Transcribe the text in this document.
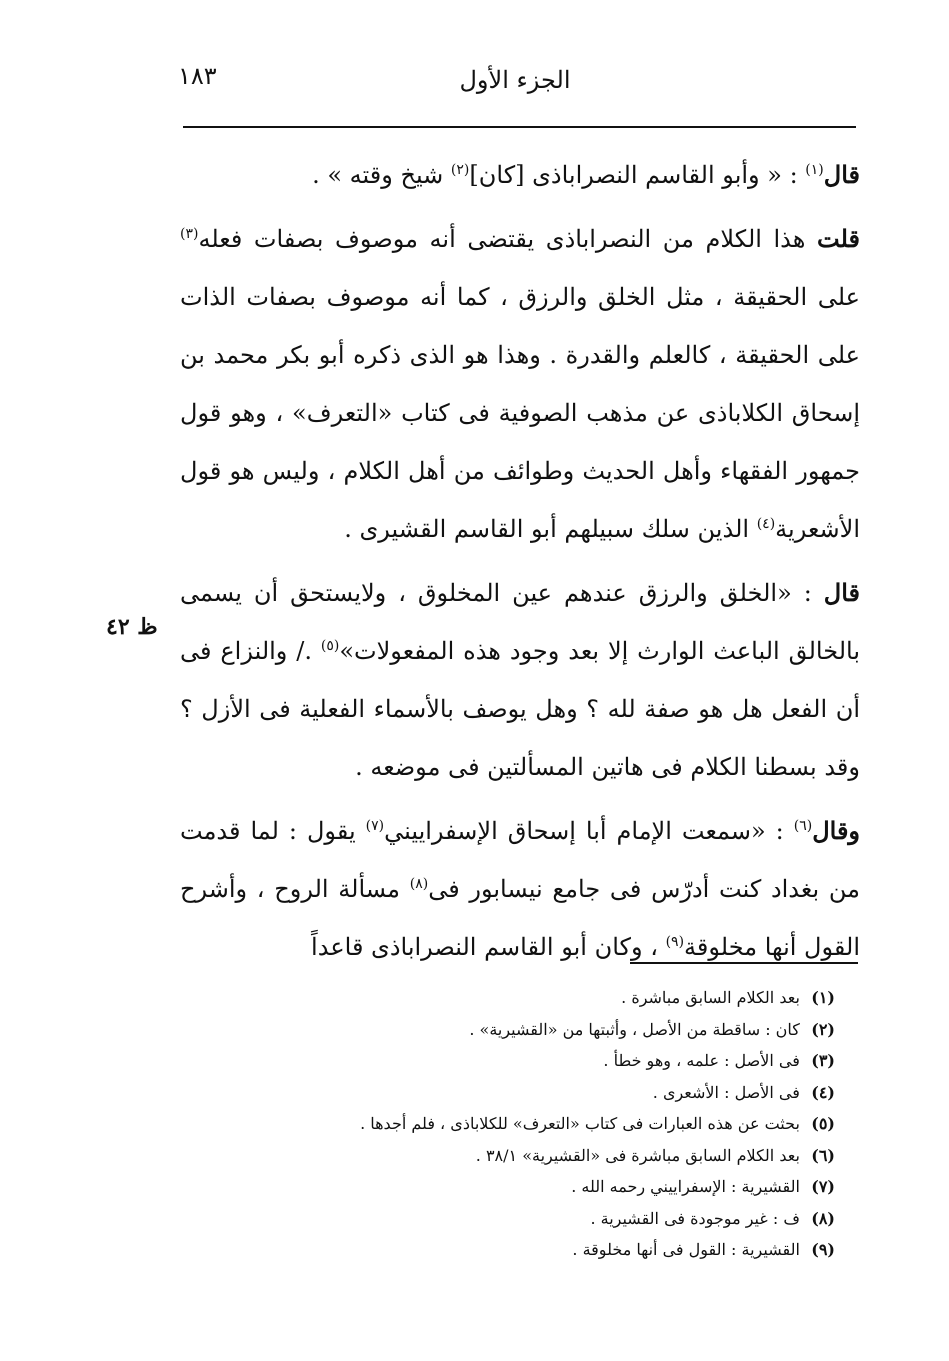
الجزء الأول
١٨٣
ظ ٤٢

قال$^{(١)}$ : « وأبو القاسم النصراباذى [كان]$^{(٢)}$ شيخ وقته » .

قلت هذا الكلام من النصراباذى يقتضى أنه موصوف بصفات فعله$^{(٣)}$ على الحقيقة ، مثل الخلق والرزق ، كما أنه موصوف بصفات الذات على الحقيقة ، كالعلم والقدرة . وهذا هو الذى ذكره أبو بكر محمد بن إسحاق الكلاباذى عن مذهب الصوفية فى كتاب «التعرف» ، وهو قول جمهور الفقهاء وأهل الحديث وطوائف من أهل الكلام ، وليس هو قول الأشعرية$^{(٤)}$ الذين سلك سبيلهم أبو القاسم القشيرى .

قال : «الخلق والرزق عندهم عين المخلوق ، ولايستحق أن يسمى بالخالق الباعث الوارث إلا بعد وجود هذه المفعولات»$^{(٥)}$ ./ والنزاع فى أن الفعل هل هو صفة لله ؟ وهل يوصف بالأسماء الفعلية فى الأزل ؟ وقد بسطنا الكلام فى هاتين المسألتين فى موضعه .

وقال$^{(٦)}$ : «سمعت الإمام أبا إسحاق الإسفراييني$^{(٧)}$ يقول : لما قدمت من بغداد كنت أدرّس فى جامع نيسابور فى$^{(٨)}$ مسألة الروح ، وأشرح القول أنها مخلوقة$^{(٩)}$ ، وكان أبو القاسم النصراباذى قاعداً

(١) بعد الكلام السابق مباشرة .
(٢) كان : ساقطة من الأصل ، وأثبتها من «القشيرية» .
(٣) فى الأصل : علمه ، وهو خطأ .
(٤) فى الأصل : الأشعرى .
(٥) بحثت عن هذه العبارات فى كتاب «التعرف» للكلاباذى ، فلم أجدها .
(٦) بعد الكلام السابق مباشرة فى «القشيرية» ٣٨/١ .
(٧) القشيرية : الإسفراييني رحمه الله .
(٨) ف : غير موجودة فى القشيرية .
(٩) القشيرية : القول فى أنها مخلوقة .
